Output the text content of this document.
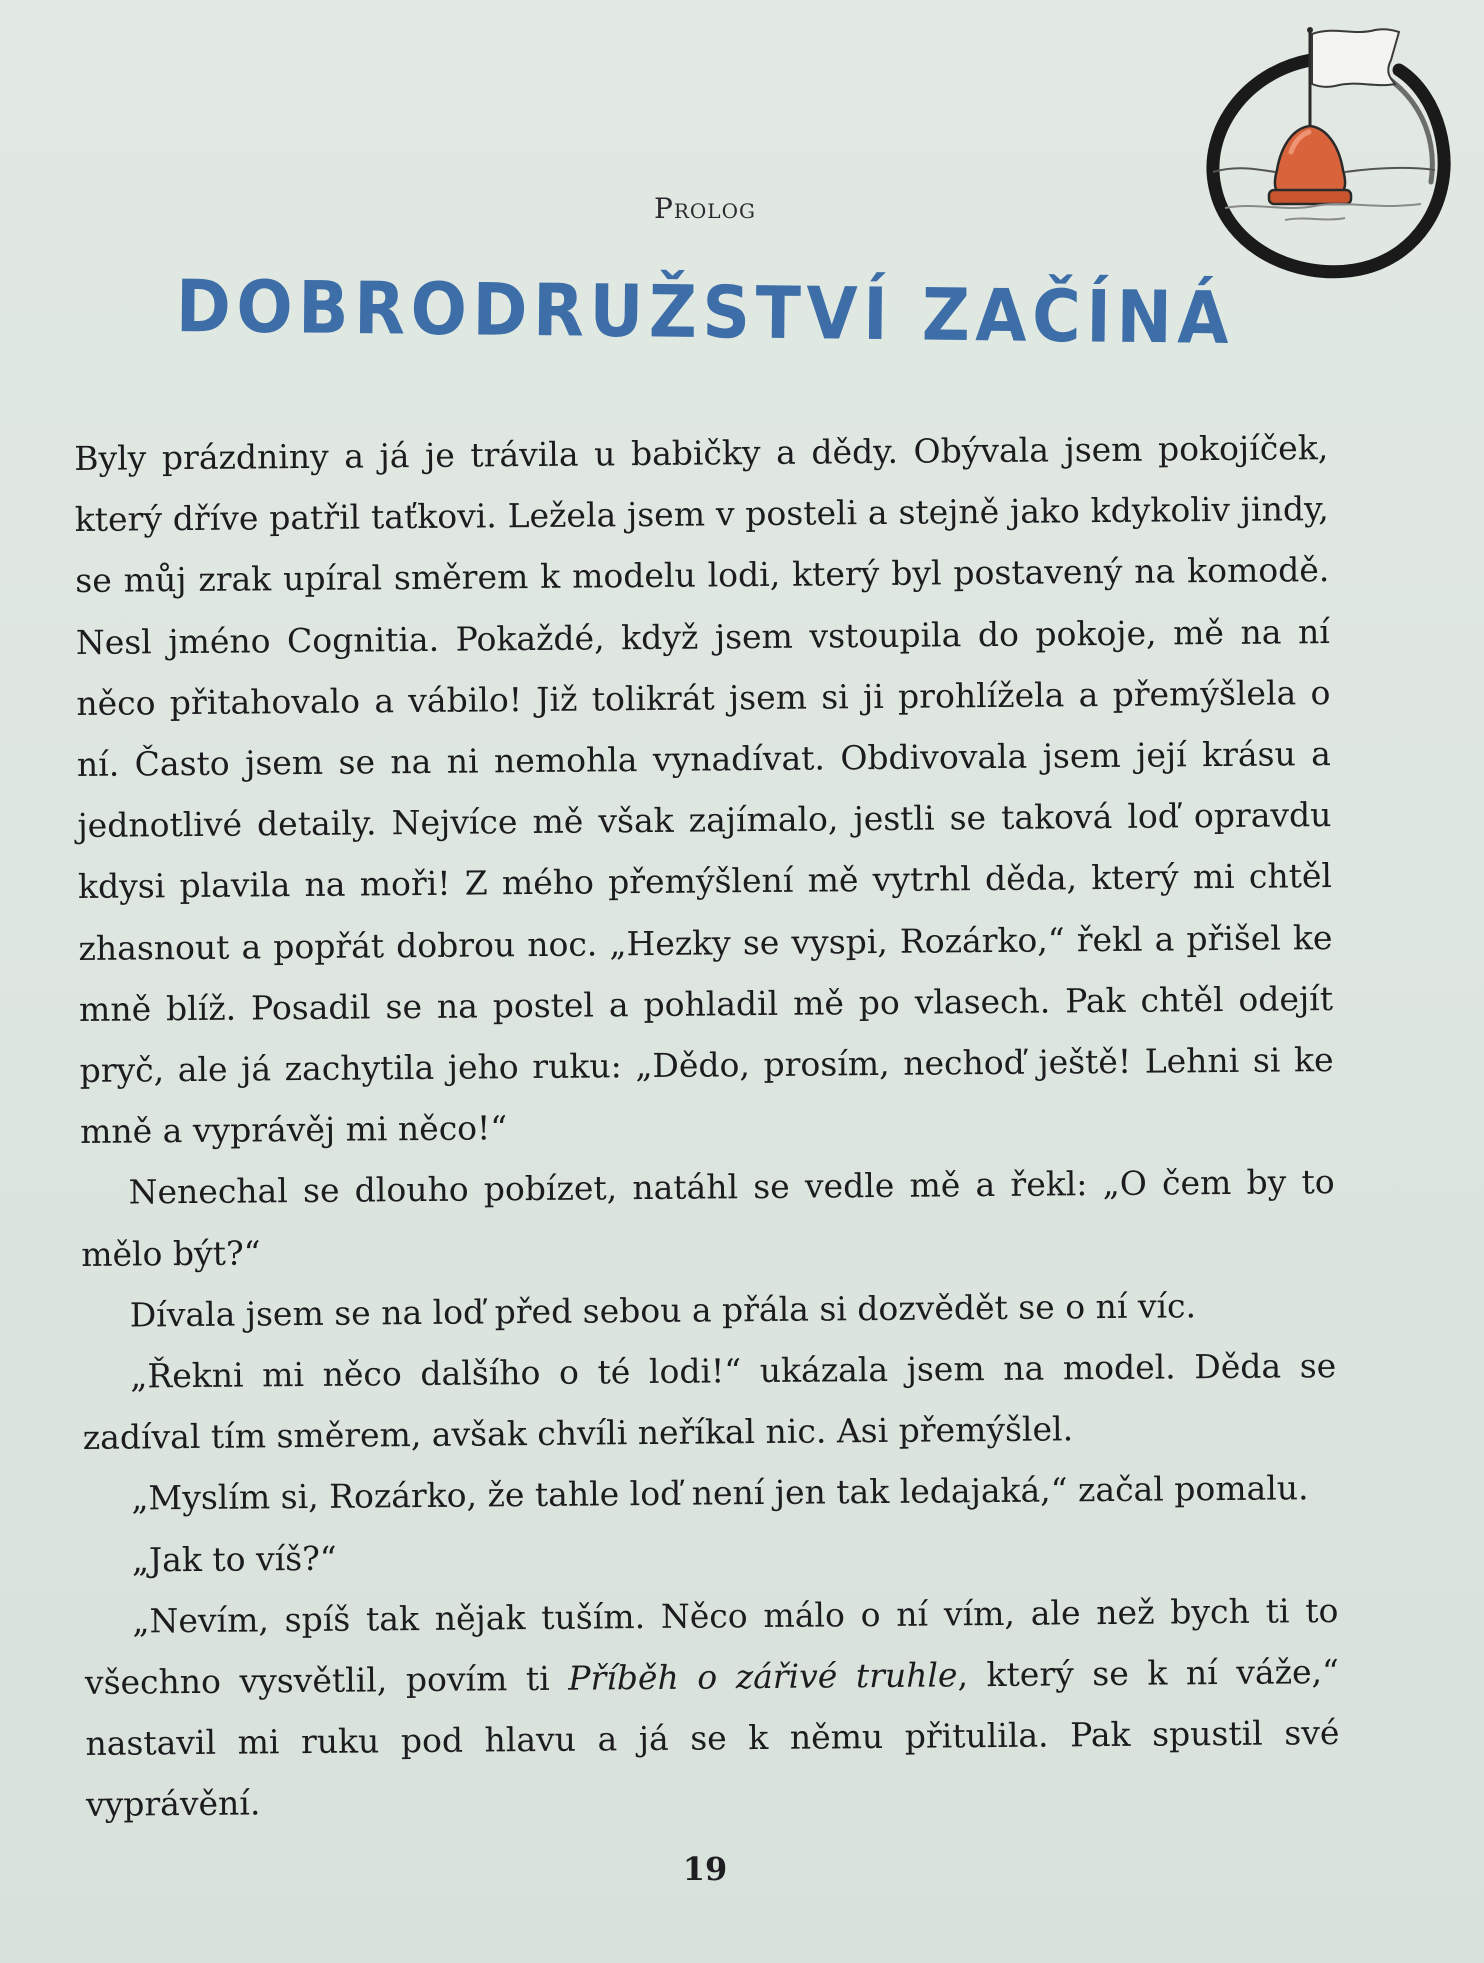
Prolog
DOBRODRUŽSTVÍ ZAČÍNÁ

Byly prázdniny a já je trávila u babičky a dědy. Obývala jsem pokojíček, který dříve patřil taťkovi. Ležela jsem v posteli a stejně jako kdykoliv jindy, se můj zrak upíral směrem k modelu lodi, který byl postavený na komodě. Nesl jméno Cognitia. Pokaždé, když jsem vstoupila do pokoje, mě na ní něco přitahovalo a vábilo! Již tolikrát jsem si ji prohlížela a přemýšlela o ní. Často jsem se na ni nemohla vynadívat. Obdivovala jsem její krásu a jednotlivé detaily. Nejvíce mě však zajímalo, jestli se taková loď opravdu kdysi plavila na moři! Z mého přemýšlení mě vytrhl děda, který mi chtěl zhasnout a popřát dobrou noc. „Hezky se vyspi, Rozárko,“ řekl a přišel ke mně blíž. Posadil se na postel a pohladil mě po vlasech. Pak chtěl odejít pryč, ale já zachytila jeho ruku: „Dědo, prosím, nechoď ještě! Lehni si ke mně a vyprávěj mi něco!“

Nenechal se dlouho pobízet, natáhl se vedle mě a řekl: „O čem by to mělo být?“

Dívala jsem se na loď před sebou a přála si dozvědět se o ní víc.

„Řekni mi něco dalšího o té lodi!“ ukázala jsem na model. Děda se zadíval tím směrem, avšak chvíli neříkal nic. Asi přemýšlel.

„Myslím si, Rozárko, že tahle loď není jen tak ledajaká,“ začal pomalu.

„Jak to víš?“

„Nevím, spíš tak nějak tuším. Něco málo o ní vím, ale než bych ti to všechno vysvětlil, povím ti Příběh o zářivé truhle, který se k ní váže,“ nastavil mi ruku pod hlavu a já se k němu přitulila. Pak spustil své vyprávění.

19
